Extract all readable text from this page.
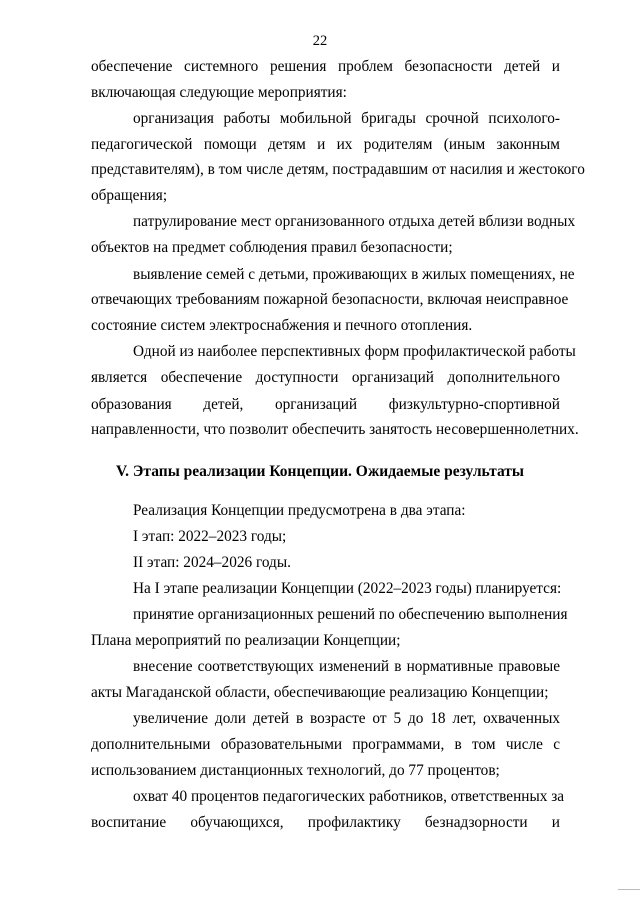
22
обеспечение системного решения проблем безопасности детей и
включающая следующие мероприятия:
организация работы мобильной бригады срочной психолого-
педагогической помощи детям и их родителям (иным законным
представителям), в том числе детям, пострадавшим от насилия и жестокого
обращения;
патрулирование мест организованного отдыха детей вблизи водных
объектов на предмет соблюдения правил безопасности;
выявление семей с детьми, проживающих в жилых помещениях, не
отвечающих требованиям пожарной безопасности, включая неисправное
состояние систем электроснабжения и печного отопления.
Одной из наиболее перспективных форм профилактической работы
является обеспечение доступности организаций дополнительного
образования детей, организаций физкультурно-спортивной
направленности, что позволит обеспечить занятость несовершеннолетних.
V. Этапы реализации Концепции. Ожидаемые результаты
Реализация Концепции предусмотрена в два этапа:
I этап: 2022–2023 годы;
II этап: 2024–2026 годы.
На I этапе реализации Концепции (2022–2023 годы) планируется:
принятие организационных решений по обеспечению выполнения
Плана мероприятий по реализации Концепции;
внесение соответствующих изменений в нормативные правовые
акты Магаданской области, обеспечивающие реализацию Концепции;
увеличение доли детей в возрасте от 5 до 18 лет, охваченных
дополнительными образовательными программами, в том числе с
использованием дистанционных технологий, до 77 процентов;
охват 40 процентов педагогических работников, ответственных за
воспитание обучающихся, профилактику безнадзорности и
